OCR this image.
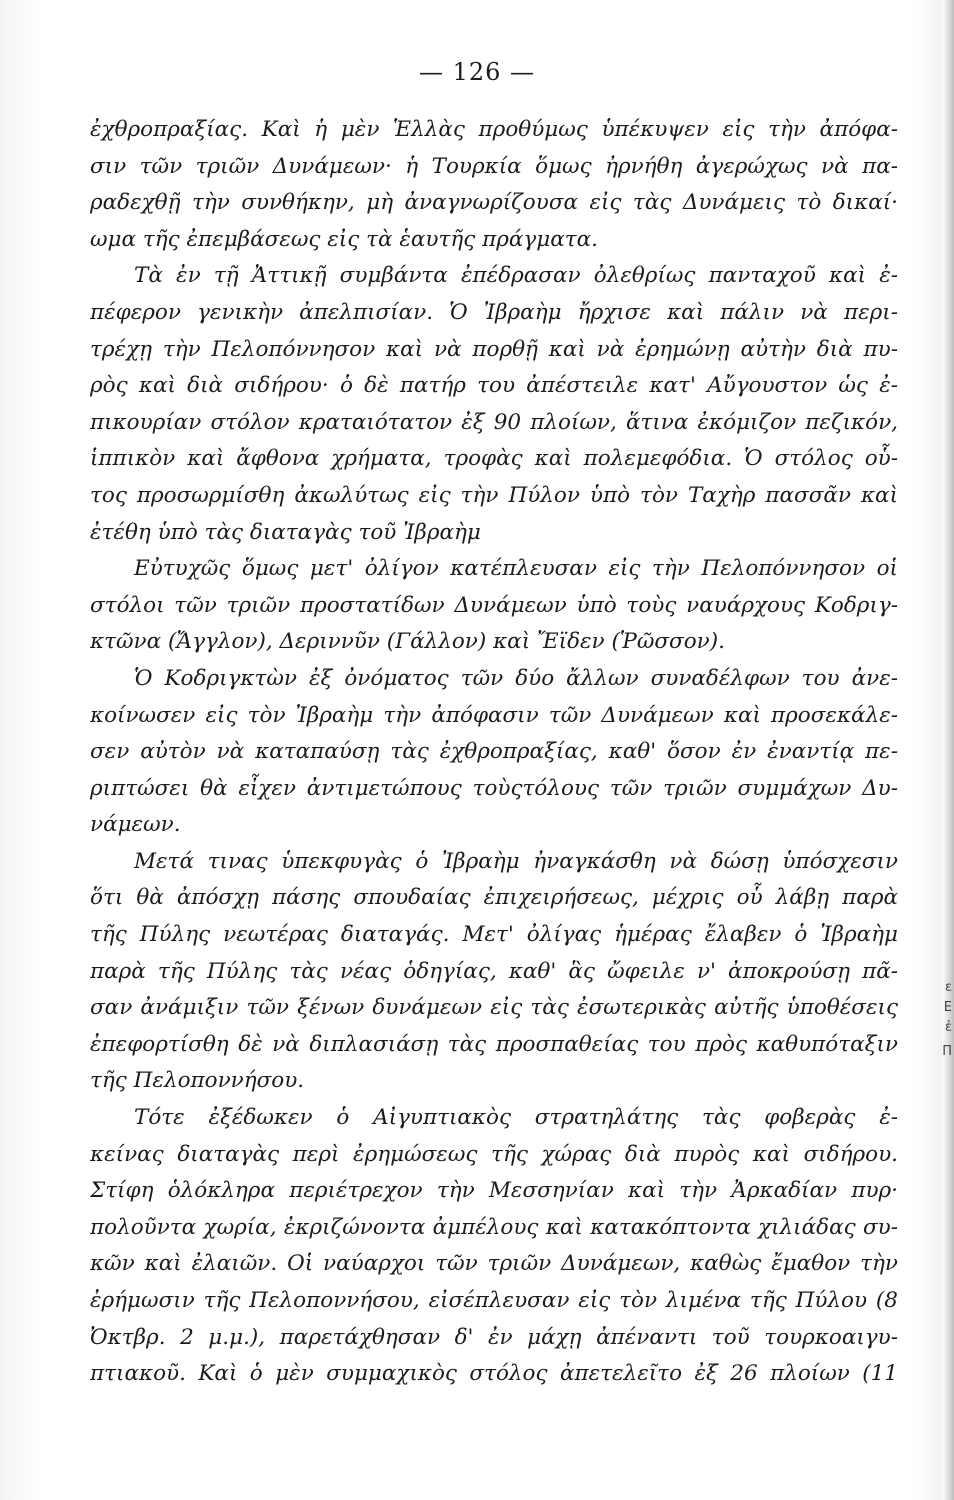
— 126 —
ἐχθροπραξίας. Καὶ ἡ μὲν Ἑλλὰς προθύμως ὑπέκυψεν εἰς τὴν ἀπόφα-
σιν τῶν τριῶν Δυνάμεων· ἡ Τουρκία ὅμως ἠρνήθη ἀγερώχως νὰ πα-
ραδεχθῇ τὴν συνθήκην, μὴ ἀναγνωρίζουσα εἰς τὰς Δυνάμεις τὸ δικαί·
ωμα τῆς ἐπεμβάσεως εἰς τὰ ἑαυτῆς πράγματα.
Τὰ ἐν τῇ Ἀττικῇ συμβάντα ἐπέδρασαν ὀλεθρίως πανταχοῦ καὶ ἐ-
πέφερον γενικὴν ἀπελπισίαν. Ὁ Ἰβραὴμ ἤρχισε καὶ πάλιν νὰ περι-
τρέχῃ τὴν Πελοπόννησον καὶ νὰ πορθῇ καὶ νὰ ἐρημώνῃ αὐτὴν διὰ πυ-
ρὸς καὶ διὰ σιδήρου· ὁ δὲ πατήρ του ἀπέστειλε κατ' Αὔγουστον ὡς ἐ-
πικουρίαν στόλον κραταιότατον ἐξ 90 πλοίων, ἅτινα ἐκόμιζον πεζικόν,
ἱππικὸν καὶ ἄφθονα χρήματα, τροφὰς καὶ πολεμεφόδια. Ὁ στόλος οὗ-
τος προσωρμίσθη ἀκωλύτως εἰς τὴν Πύλον ὑπὸ τὸν Ταχὴρ πασσᾶν καὶ
ἐτέθη ὑπὸ τὰς διαταγὰς τοῦ Ἰβραὴμ
Εὐτυχῶς ὅμως μετ' ὀλίγον κατέπλευσαν εἰς τὴν Πελοπόννησον οἱ
στόλοι τῶν τριῶν προστατίδων Δυνάμεων ὑπὸ τοὺς ναυάρχους Κοδριγ-
κτῶνα (Ἄγγλον), Δεριννῦν (Γάλλον) καὶ Ἔϊδεν (Ῥῶσσον).
Ὁ Κοδριγκτὼν ἐξ ὀνόματος τῶν δύο ἄλλων συναδέλφων του ἀνε-
κοίνωσεν εἰς τὸν Ἰβραὴμ τὴν ἀπόφασιν τῶν Δυνάμεων καὶ προσεκάλε-
σεν αὐτὸν νὰ καταπαύσῃ τὰς ἐχθροπραξίας, καθ' ὅσον ἐν ἐναντίᾳ πε-
ριπτώσει θὰ εἶχεν ἀντιμετώπους τοὺςτόλους τῶν τριῶν συμμάχων Δυ-
νάμεων.
Μετά τινας ὑπεκφυγὰς ὁ Ἰβραὴμ ἠναγκάσθη νὰ δώσῃ ὑπόσχεσιν
ὅτι θὰ ἀπόσχῃ πάσης σπουδαίας ἐπιχειρήσεως, μέχρις οὗ λάβῃ παρὰ
τῆς Πύλης νεωτέρας διαταγάς. Μετ' ὀλίγας ἡμέρας ἔλαβεν ὁ Ἰβραὴμ
παρὰ τῆς Πύλης τὰς νέας ὁδηγίας, καθ' ἃς ὤφειλε ν' ἀποκρούσῃ πᾶ-
σαν ἀνάμιξιν τῶν ξένων δυνάμεων εἰς τὰς ἐσωτερικὰς αὐτῆς ὑποθέσεις
ἐπεφορτίσθη δὲ νὰ διπλασιάσῃ τὰς προσπαθείας του πρὸς καθυπόταξιν
τῆς Πελοποννήσου.
Τότε ἐξέδωκεν ὁ Αἰγυπτιακὸς στρατηλάτης τὰς φοβερὰς ἐ-
κείνας διαταγὰς περὶ ἐρημώσεως τῆς χώρας διὰ πυρὸς καὶ σιδήρου.
Στίφη ὁλόκληρα περιέτρεχον τὴν Μεσσηνίαν καὶ τὴν Ἀρκαδίαν πυρ·
πολοῦντα χωρία, ἐκριζώνοντα ἀμπέλους καὶ κατακόπτοντα χιλιάδας συ-
κῶν καὶ ἐλαιῶν. Οἱ ναύαρχοι τῶν τριῶν Δυνάμεων, καθὼς ἔμαθον τὴν
ἐρήμωσιν τῆς Πελοποννήσου, εἰσέπλευσαν εἰς τὸν λιμένα τῆς Πύλου (8
Ὀκτβρ. 2 μ.μ.), παρετάχθησαν δ' ἐν μάχῃ ἀπέναντι τοῦ τουρκοαιγυ-
πτιακοῦ. Καὶ ὁ μὲν συμμαχικὸς στόλος ἀπετελεῖτο ἐξ 26 πλοίων (11
ε
E
ἐ
Π
